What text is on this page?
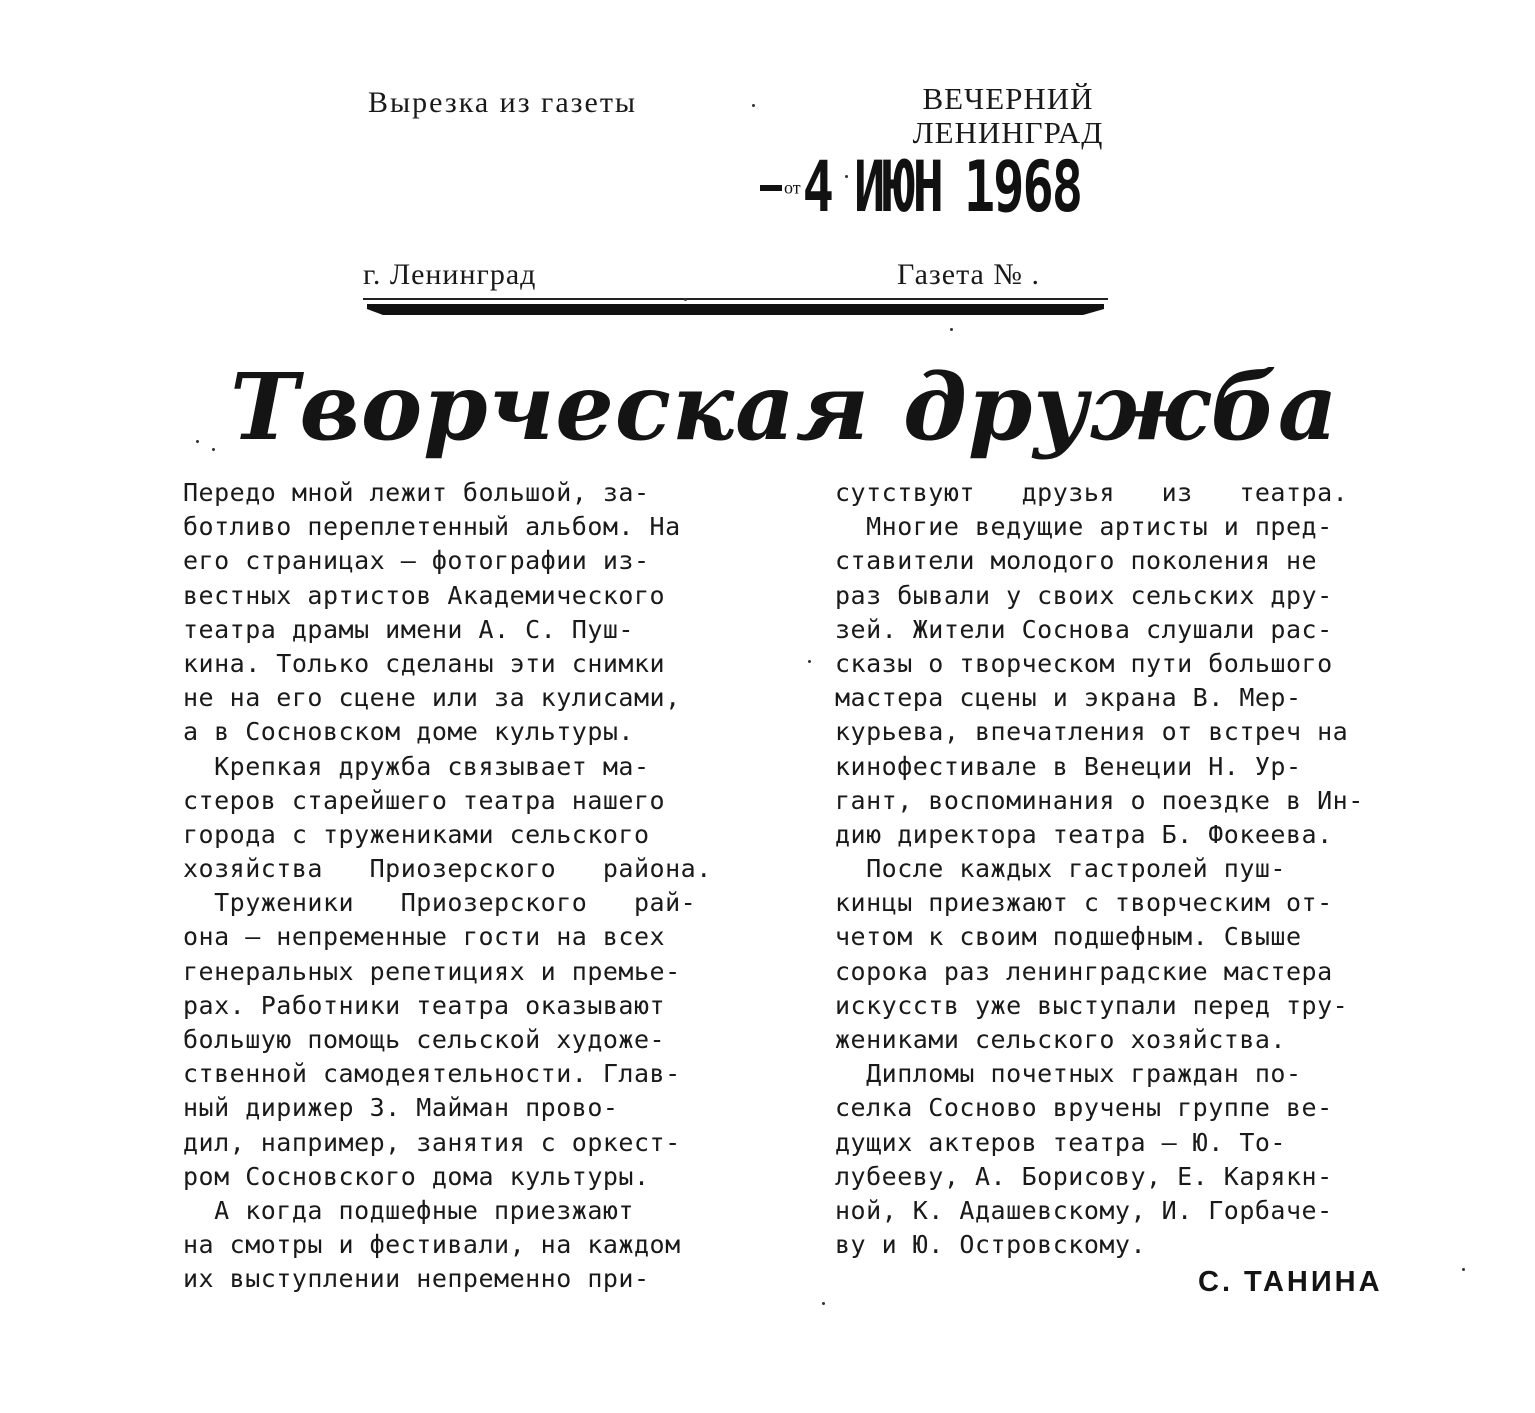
Вырезка из газеты	ВЕЧЕРНИЙ
ЛЕНИНГРАД
от4 ИЮН 1968
г. Ленинград	Газета № .
Творческая дружба
Передо мной лежит большой, за-
ботливо переплетенный альбом. На
его страницах — фотографии из-
вестных артистов Академического
театра драмы имени А. С. Пуш-
кина. Только сделаны эти снимки
не на его сцене или за кулисами,
а в Сосновском доме культуры.
Крепкая дружба связывает ма-
стеров старейшего театра нашего
города с тружениками сельского
хозяйства   Приозерского   района.
Труженики   Приозерского   рай-
она — непременные гости на всех
генеральных репетициях и премье-
рах. Работники театра оказывают
большую помощь сельской художе-
ственной самодеятельности. Глав-
ный дирижер З. Майман прово-
дил, например, занятия с оркест-
ром Сосновского дома культуры.
А когда подшефные приезжают
на смотры и фестивали, на каждом
их выступлении непременно при-
сутствуют   друзья   из   театра.
Многие ведущие артисты и пред-
ставители молодого поколения не
раз бывали у своих сельских дру-
зей. Жители Соснова слушали рас-
сказы о творческом пути большого
мастера сцены и экрана В. Мер-
курьева, впечатления от встреч на
кинофестивале в Венеции Н. Ур-
гант, воспоминания о поездке в Ин-
дию директора театра Б. Фокеева.
После каждых гастролей пуш-
кинцы приезжают с творческим от-
четом к своим подшефным. Свыше
сорока раз ленинградские мастера
искусств уже выступали перед тру-
жениками сельского хозяйства.
Дипломы почетных граждан по-
селка Сосново вручены группе ве-
дущих актеров театра — Ю. То-
лубееву, А. Борисову, Е. Карякн-
ной, К. Адашевскому, И. Горбаче-
ву и Ю. Островскому.
С. ТАНИНА
